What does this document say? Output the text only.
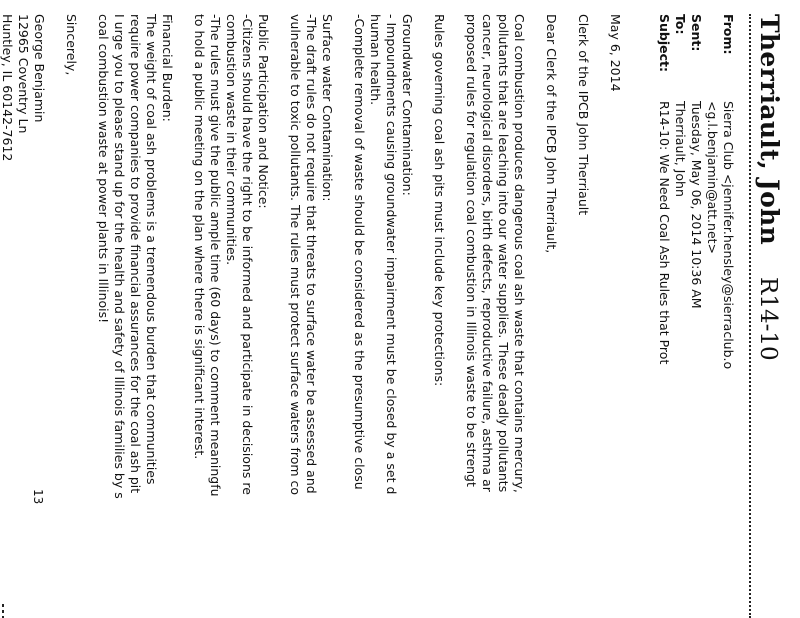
Therriault, John
R14-10
From:
Sierra Club <jennifer.hensley@sierraclub.o
<g.l.benjamin@att.net>
Sent:
Tuesday, May 06, 2014 10:36 AM
To:
Therriault, John
Subject:
R14-10: We Need Coal Ash Rules that Prot
May 6, 2014
Clerk of the IPCB John Therriault
Dear Clerk of the IPCB John Therriault,
Coal combustion produces dangerous coal ash waste that contains mercury,
pollutants that are leaching into our water supplies. These deadly pollutants
cancer, neurological disorders, birth defects, reproductive failure, asthma ar
proposed rules for regulation coal combustion in Illinois waste to be strengt
Rules governing coal ash pits must include key protections:
Groundwater Contamination:
- Impoundments causing groundwater impairment must be closed by a set d
human health.
-Complete removal of waste should be considered as the presumptive closu
Surface water Contamination:
-The draft rules do not require that threats to surface water be assessed and
vulnerable to toxic pollutants. The rules must protect surface waters from co
Public Participation and Notice:
-Citizens should have the right to be informed and participate in decisions re
combustion waste in their communities.
-The rules must give the public ample time (60 days) to comment meaningfu
to hold a public meeting on the plan where there is significant interest.
Financial Burden:
The weight of coal ash problems is a tremendous burden that communities
require power companies to provide financial assurances for the coal ash pit
I urge you to please stand up for the health and safety of Illinois families by s
coal combustion waste at power plants in Illinois!
Sincerely,
George Benjamin
12965 Coventry Ln
Huntley, IL 60142-7612
13
